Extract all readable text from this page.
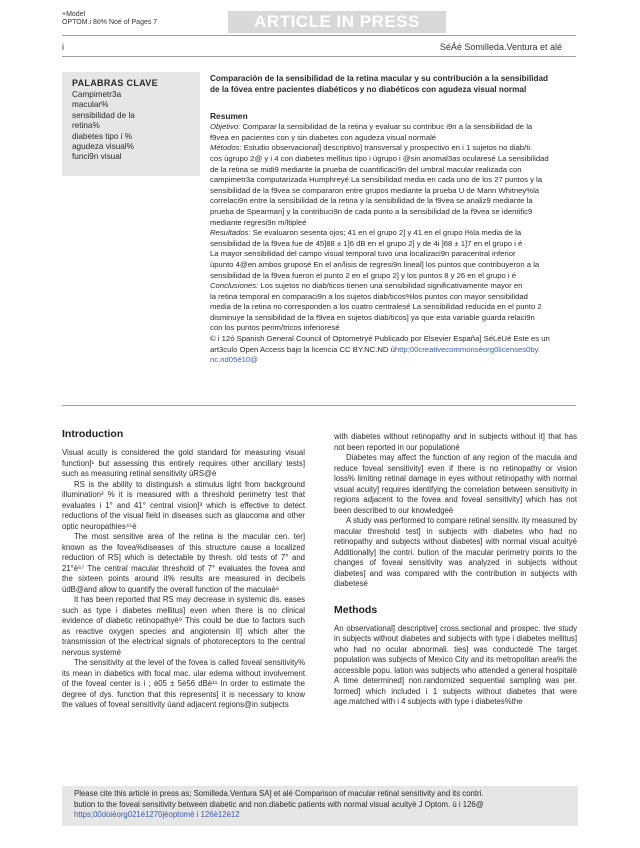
+Model
OPTOM.i 8ö% Noé of Pages 7	ARTICLE IN PRESS
i	SéÁé Somilleda.Ventura et alé
PALABRAS CLAVE
Campimetr3a
macular%
sensibilidad de la
retina%
diabetes tipo i %
agudeza visual%
funci9n visual
Comparación de la sensibilidad de la retina macular y su contribución a la sensibilidad
de la fóvea entre pacientes diabéticos y no diabéticos con agudeza visual normal
Resumen

Objetivo: Comparar la sensibilidad de la retina y evaluar su contribuc i9n a la sensibilidad de la

f9vea en pacientes con y sin diabetes con agudeza visual normalé

Métodos: Estudio observacional] descriptivo] transversal y prospectivo en i 1 sujetos no diab/ti.

cos ùgrupo 2@ y i 4 con diabetes mellitus tipo i ùgrupo i @sin anomal3as ocularesé La sensibilidad

de la retina se midi9 mediante la prueba de cuantificaci9n del umbral macular realizada con

campimetr3a computarizada Humphreyé La sensibilidad media en cada uno de los 27 puntos y la

sensibilidad de la f9vea se compararon entre grupos mediante la prueba U de Mann Whitney%la

correlaci9n entre la sensibilidad de la retina y la sensibilidad de la f9vea se analiz9 mediante la

prueba de Spearman] y la contribuci9n de cada punto a la sensibilidad de la f9vea se identific9

mediante regresi9n m/ltipleé

Resultados: Se evaluaron sesenta ojos; 41 en el grupo 2] y 41 en el grupo i%la media de la

sensibilidad de la f9vea fue de 45]88 ± 1]6 dB en el grupo 2] y de 4i ]68 ± 1]7 en el grupo i é

La mayor sensibilidad del campo visual temporal tuvo una localizaci9n paracentral inferior

ùpunto 4@en ambos gruposé En el an/lisis de regresi9n lineal] los puntos que contribuyeron a la

sensibilidad de la f9vea fueron el punto 2 en el grupo 2] y los puntos 8 y 26 en el grupo i é

Conclusiones: Los sujetos no diab/ticos tienen una sensibilidad significativamente mayor en

la retina temporal en comparaci9n a los sujetos diab/ticos%los puntos con mayor sensibilidad

media de la retina no corresponden a los cuatro centralesé La sensibilidad reducida en el punto 2

disminuye la sensibilidad de la f9vea en sujetos diab/ticos] ya que esta variable guarda relaci9n

con los puntos perim/tricos inferioresé

© i 12ó Spanish General Council of Optometryé Publicado por Elsevier España] SéLéUé Este es un

art3culo Open Access bajo la licencia CC BY.NC.ND ùhttp;00creativecommonsèorg0licenses0by.

nc.nd05é10@

Introduction

Visual acuity is considered the gold standard for measuring visual function]¹ but assessing this entirely requires other ancillary tests] such as measuring retinal sensitivity ùRS@è

RS is the ability to distinguish a stimulus light from background illumination² % it is measured with a threshold perimetry test that evaluates i 1° and 41° central vision]³ which is effective to detect reductions of the visual field in diseases such as glaucoma and other optic neuropathies⁴⁵è

The most sensitive area of the retina is the macular cen. ter] known as the fovea%diseases of this structure cause a localized reduction of RS] which is detectable by thresh. old tests of 7° and 21°è⁶⁷ The central macular threshold of 7° evaluates the fovea and the sixteen points around it% results are measured in decibels ùdB@and allow to quantify the overall function of the maculaè⁸

It has been reported that RS may decrease in systemic dis. eases such as type i diabetes mellitus] even when there is no clinical evidence of diabetic retinopathyè⁹ This could be due to factors such as reactive oxygen species and angiotensin II] which alter the transmission of the electrical signals of photoreceptors to the central nervous systemé

The sensitivity at the level of the fovea is called foveal sensitivity% its mean in diabetics with focal mac. ular edema without involvement of the foveal center is i ; è05 ± 5è56 dBè¹¹ In order to estimate the degree of dys. function that this represents] it is necessary to know the values of foveal sensitivity ùand adjacent regions@in subjects

with diabetes without retinopathy and in subjects without it] that has not been reported in our populationé

Diabetes may affect the function of any region of the macula and reduce foveal sensitivity] even if there is no retinopathy or vision loss% limiting retinal damage in eyes without retinopathy with normal visual acuity] requires identifying the correlation between sensitivity in regions adjacent to the fovea and foveal sensitivity] which has not been described to our knowledgeè

A study was performed to compare retinal sensitiv. ity measured by macular threshold test] in subjects with diabetes who had no retinopathy and subjects without diabetes] with normal visual acuityè Additionally] the contri. bution of the macular perimetry points to the changes of foveal sensitivity was analyzed in subjects without diabetes] and was compared with the contribution in subjects with diabetesé

Methods

An observational] descriptive] cross.sectional and prospec. tive study in subjects without diabetes and subjects with type i diabetes mellitus] who had no ocular abnormali. ties] was conductedè The target population was subjects of Mexico City and its metropolitan area% the accessible popu. lation was subjects who attended a general hospitalè A time determined] non.randomized sequential sampling was per. formed] which included i 1 subjects without diabetes that were age.matched with i 4 subjects with type i diabetes%the

Please cite this article in press as; Somilleda.Ventura SA] et alé Comparison of macular retinal sensitivity and its contri.
bution to the foveal sensitivity between diabetic and non.diabetic patients with normal visual acuityè J Optom. ù i 126@
https;00doièorg021è1270jèoptomè i 126è12è12
